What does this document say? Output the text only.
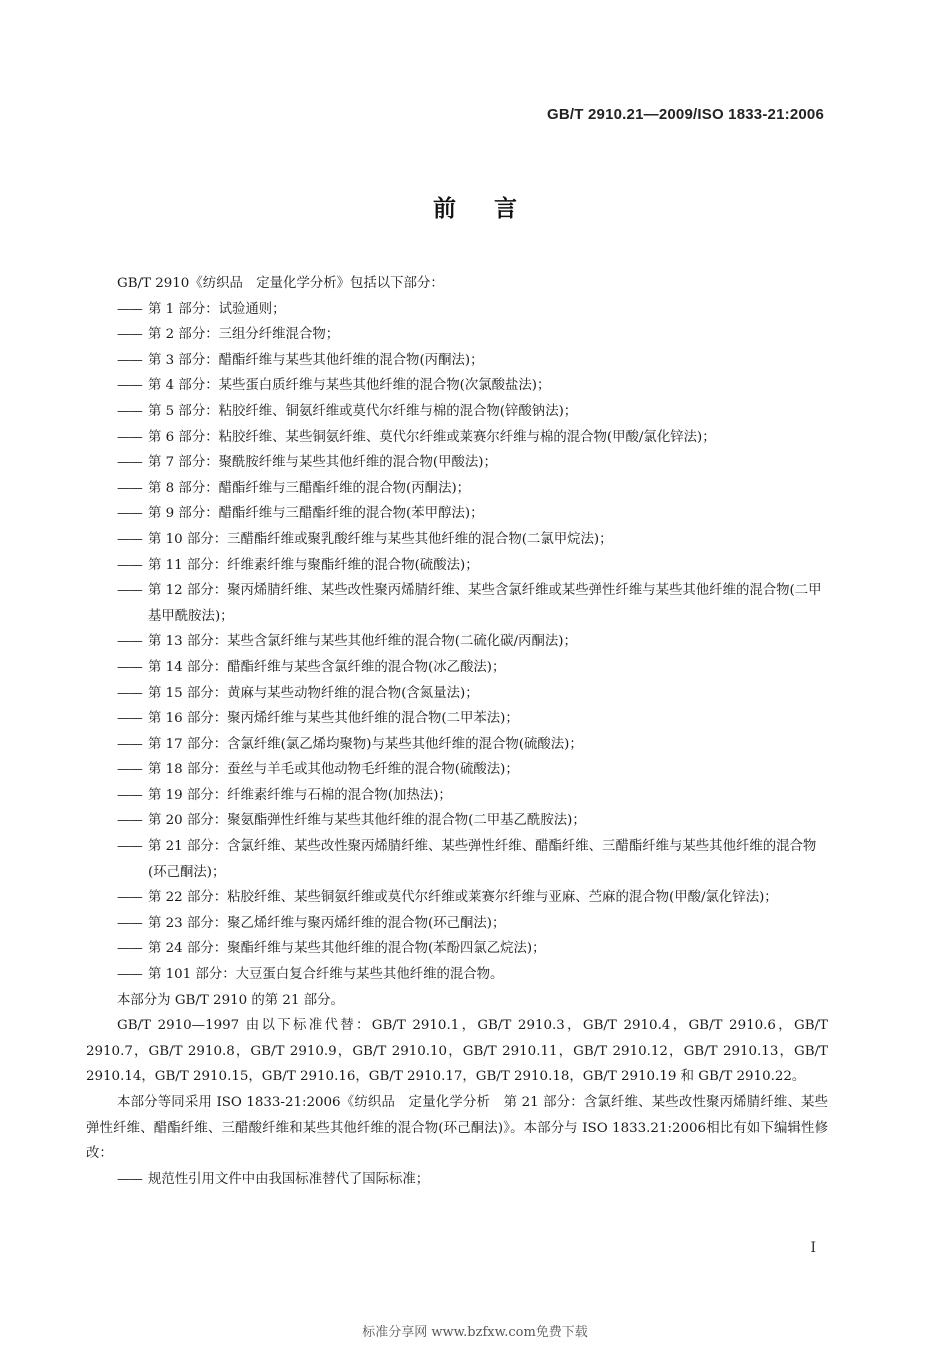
GB/T 2910.21—2009/ISO 1833-21:2006
前言
GB/T 2910《纺织品　定量化学分析》包括以下部分：
—— 第 1 部分：试验通则；
—— 第 2 部分：三组分纤维混合物；
—— 第 3 部分：醋酯纤维与某些其他纤维的混合物(丙酮法)；
—— 第 4 部分：某些蛋白质纤维与某些其他纤维的混合物(次氯酸盐法)；
—— 第 5 部分：粘胶纤维、铜氨纤维或莫代尔纤维与棉的混合物(锌酸钠法)；
—— 第 6 部分：粘胶纤维、某些铜氨纤维、莫代尔纤维或莱赛尔纤维与棉的混合物(甲酸/氯化锌法)；
—— 第 7 部分：聚酰胺纤维与某些其他纤维的混合物(甲酸法)；
—— 第 8 部分：醋酯纤维与三醋酯纤维的混合物(丙酮法)；
—— 第 9 部分：醋酯纤维与三醋酯纤维的混合物(苯甲醇法)；
—— 第 10 部分：三醋酯纤维或聚乳酸纤维与某些其他纤维的混合物(二氯甲烷法)；
—— 第 11 部分：纤维素纤维与聚酯纤维的混合物(硫酸法)；
—— 第 12 部分：聚丙烯腈纤维、某些改性聚丙烯腈纤维、某些含氯纤维或某些弹性纤维与某些其他纤维的混合物(二甲基甲酰胺法)；
—— 第 13 部分：某些含氯纤维与某些其他纤维的混合物(二硫化碳/丙酮法)；
—— 第 14 部分：醋酯纤维与某些含氯纤维的混合物(冰乙酸法)；
—— 第 15 部分：黄麻与某些动物纤维的混合物(含氮量法)；
—— 第 16 部分：聚丙烯纤维与某些其他纤维的混合物(二甲苯法)；
—— 第 17 部分：含氯纤维(氯乙烯均聚物)与某些其他纤维的混合物(硫酸法)；
—— 第 18 部分：蚕丝与羊毛或其他动物毛纤维的混合物(硫酸法)；
—— 第 19 部分：纤维素纤维与石棉的混合物(加热法)；
—— 第 20 部分：聚氨酯弹性纤维与某些其他纤维的混合物(二甲基乙酰胺法)；
—— 第 21 部分：含氯纤维、某些改性聚丙烯腈纤维、某些弹性纤维、醋酯纤维、三醋酯纤维与某些其他纤维的混合物(环己酮法)；
—— 第 22 部分：粘胶纤维、某些铜氨纤维或莫代尔纤维或莱赛尔纤维与亚麻、苎麻的混合物(甲酸/氯化锌法)；
—— 第 23 部分：聚乙烯纤维与聚丙烯纤维的混合物(环己酮法)；
—— 第 24 部分：聚酯纤维与某些其他纤维的混合物(苯酚四氯乙烷法)；
—— 第 101 部分：大豆蛋白复合纤维与某些其他纤维的混合物。
本部分为 GB/T 2910 的第 21 部分。
GB/T 2910—1997 由以下标准代替：GB/T 2910.1，GB/T 2910.3，GB/T 2910.4，GB/T 2910.6，GB/T 2910.7，GB/T 2910.8，GB/T 2910.9，GB/T 2910.10，GB/T 2910.11，GB/T 2910.12，GB/T 2910.13，GB/T 2910.14，GB/T 2910.15，GB/T 2910.16，GB/T 2910.17，GB/T 2910.18，GB/T 2910.19 和 GB/T 2910.22。
本部分等同采用 ISO 1833-21:2006《纺织品　定量化学分析　第 21 部分：含氯纤维、某些改性聚丙烯腈纤维、某些弹性纤维、醋酯纤维、三醋酸纤维和某些其他纤维的混合物(环己酮法)》。本部分与 ISO 1833.21:2006相比有如下编辑性修改：
—— 规范性引用文件中由我国标准替代了国际标准；
I
标准分享网 www.bzfxw.com免费下载
